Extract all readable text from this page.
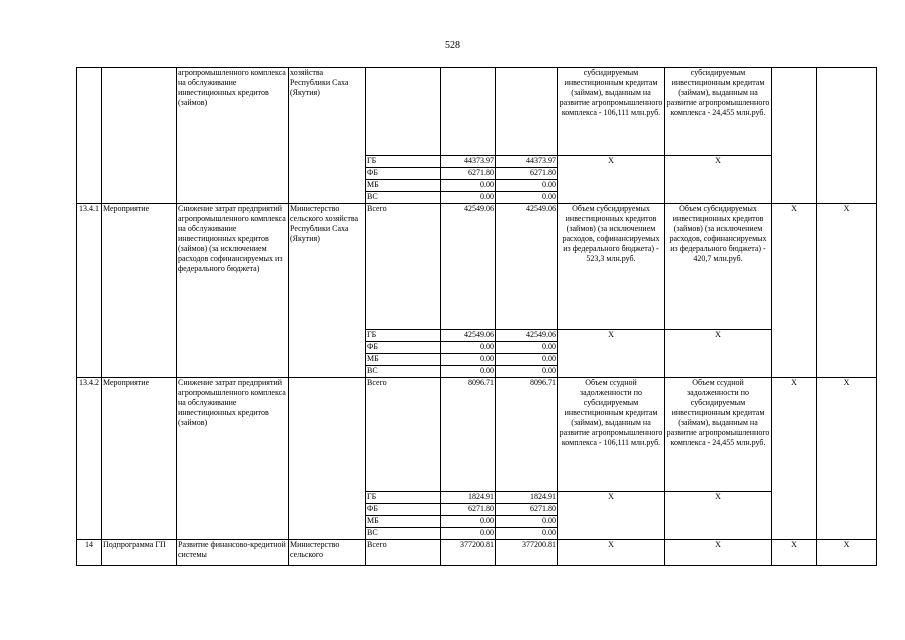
528
		агропромышленного комплекса на обслуживание инвестиционных кредитов (займов)	хозяйства Республики Саха (Якутия)				субсидируемым инвестиционным кредитам (займам), выданным на развитие агропромышленного комплекса - 106,111 млн.руб.	субсидируемым инвестиционным кредитам (займам), выданным на развитие агропромышленного комплекса - 24,455 млн.руб.		
				ГБ	44373.97	44373.97	X	X		
				ФБ	6271.80	6271.80				
				МБ	0.00	0.00				
				ВС	0.00	0.00				
13.4.1	Мероприятие	Снижение затрат предприятий агропромышленного комплекса на обслуживание инвестиционных кредитов (займов) (за исключением расходов софинансируемых из федерального бюджета)	Министерство сельского хозяйства Республики Саха (Якутия)	Всего	42549.06	42549.06	Объем субсидируемых инвестиционных кредитов (займов) (за исключением расходов, софинансируемых из федерального бюджета) - 523,3 млн.руб.	Объем субсидируемых инвестиционных кредитов (займов) (за исключением расходов, софинансируемых из федерального бюджета) - 420,7 млн.руб.	X	X
				ГБ	42549.06	42549.06	X	X		
				ФБ	0.00	0.00				
				МБ	0.00	0.00				
				ВС	0.00	0.00				
13.4.2	Мероприятие	Снижение затрат предприятий агропромышленного комплекса на обслуживание инвестиционных кредитов (займов)		Всего	8096.71	8096.71	Объем ссудной задолженности по субсидируемым инвестиционным кредитам (займам), выданным на развитие агропромышленного комплекса - 106,111 млн.руб.	Объем ссудной задолженности по субсидируемым инвестиционным кредитам (займам), выданным на развитие агропромышленного комплекса - 24,455 млн.руб.	X	X
				ГБ	1824.91	1824.91	X	X		
				ФБ	6271.80	6271.80				
				МБ	0.00	0.00				
				ВС	0.00	0.00				
14	Подпрограмма ГП	Развитие финансово-кредитной системы	Министерство сельского	Всего	377200.81	377200.81	X	X	X	X
